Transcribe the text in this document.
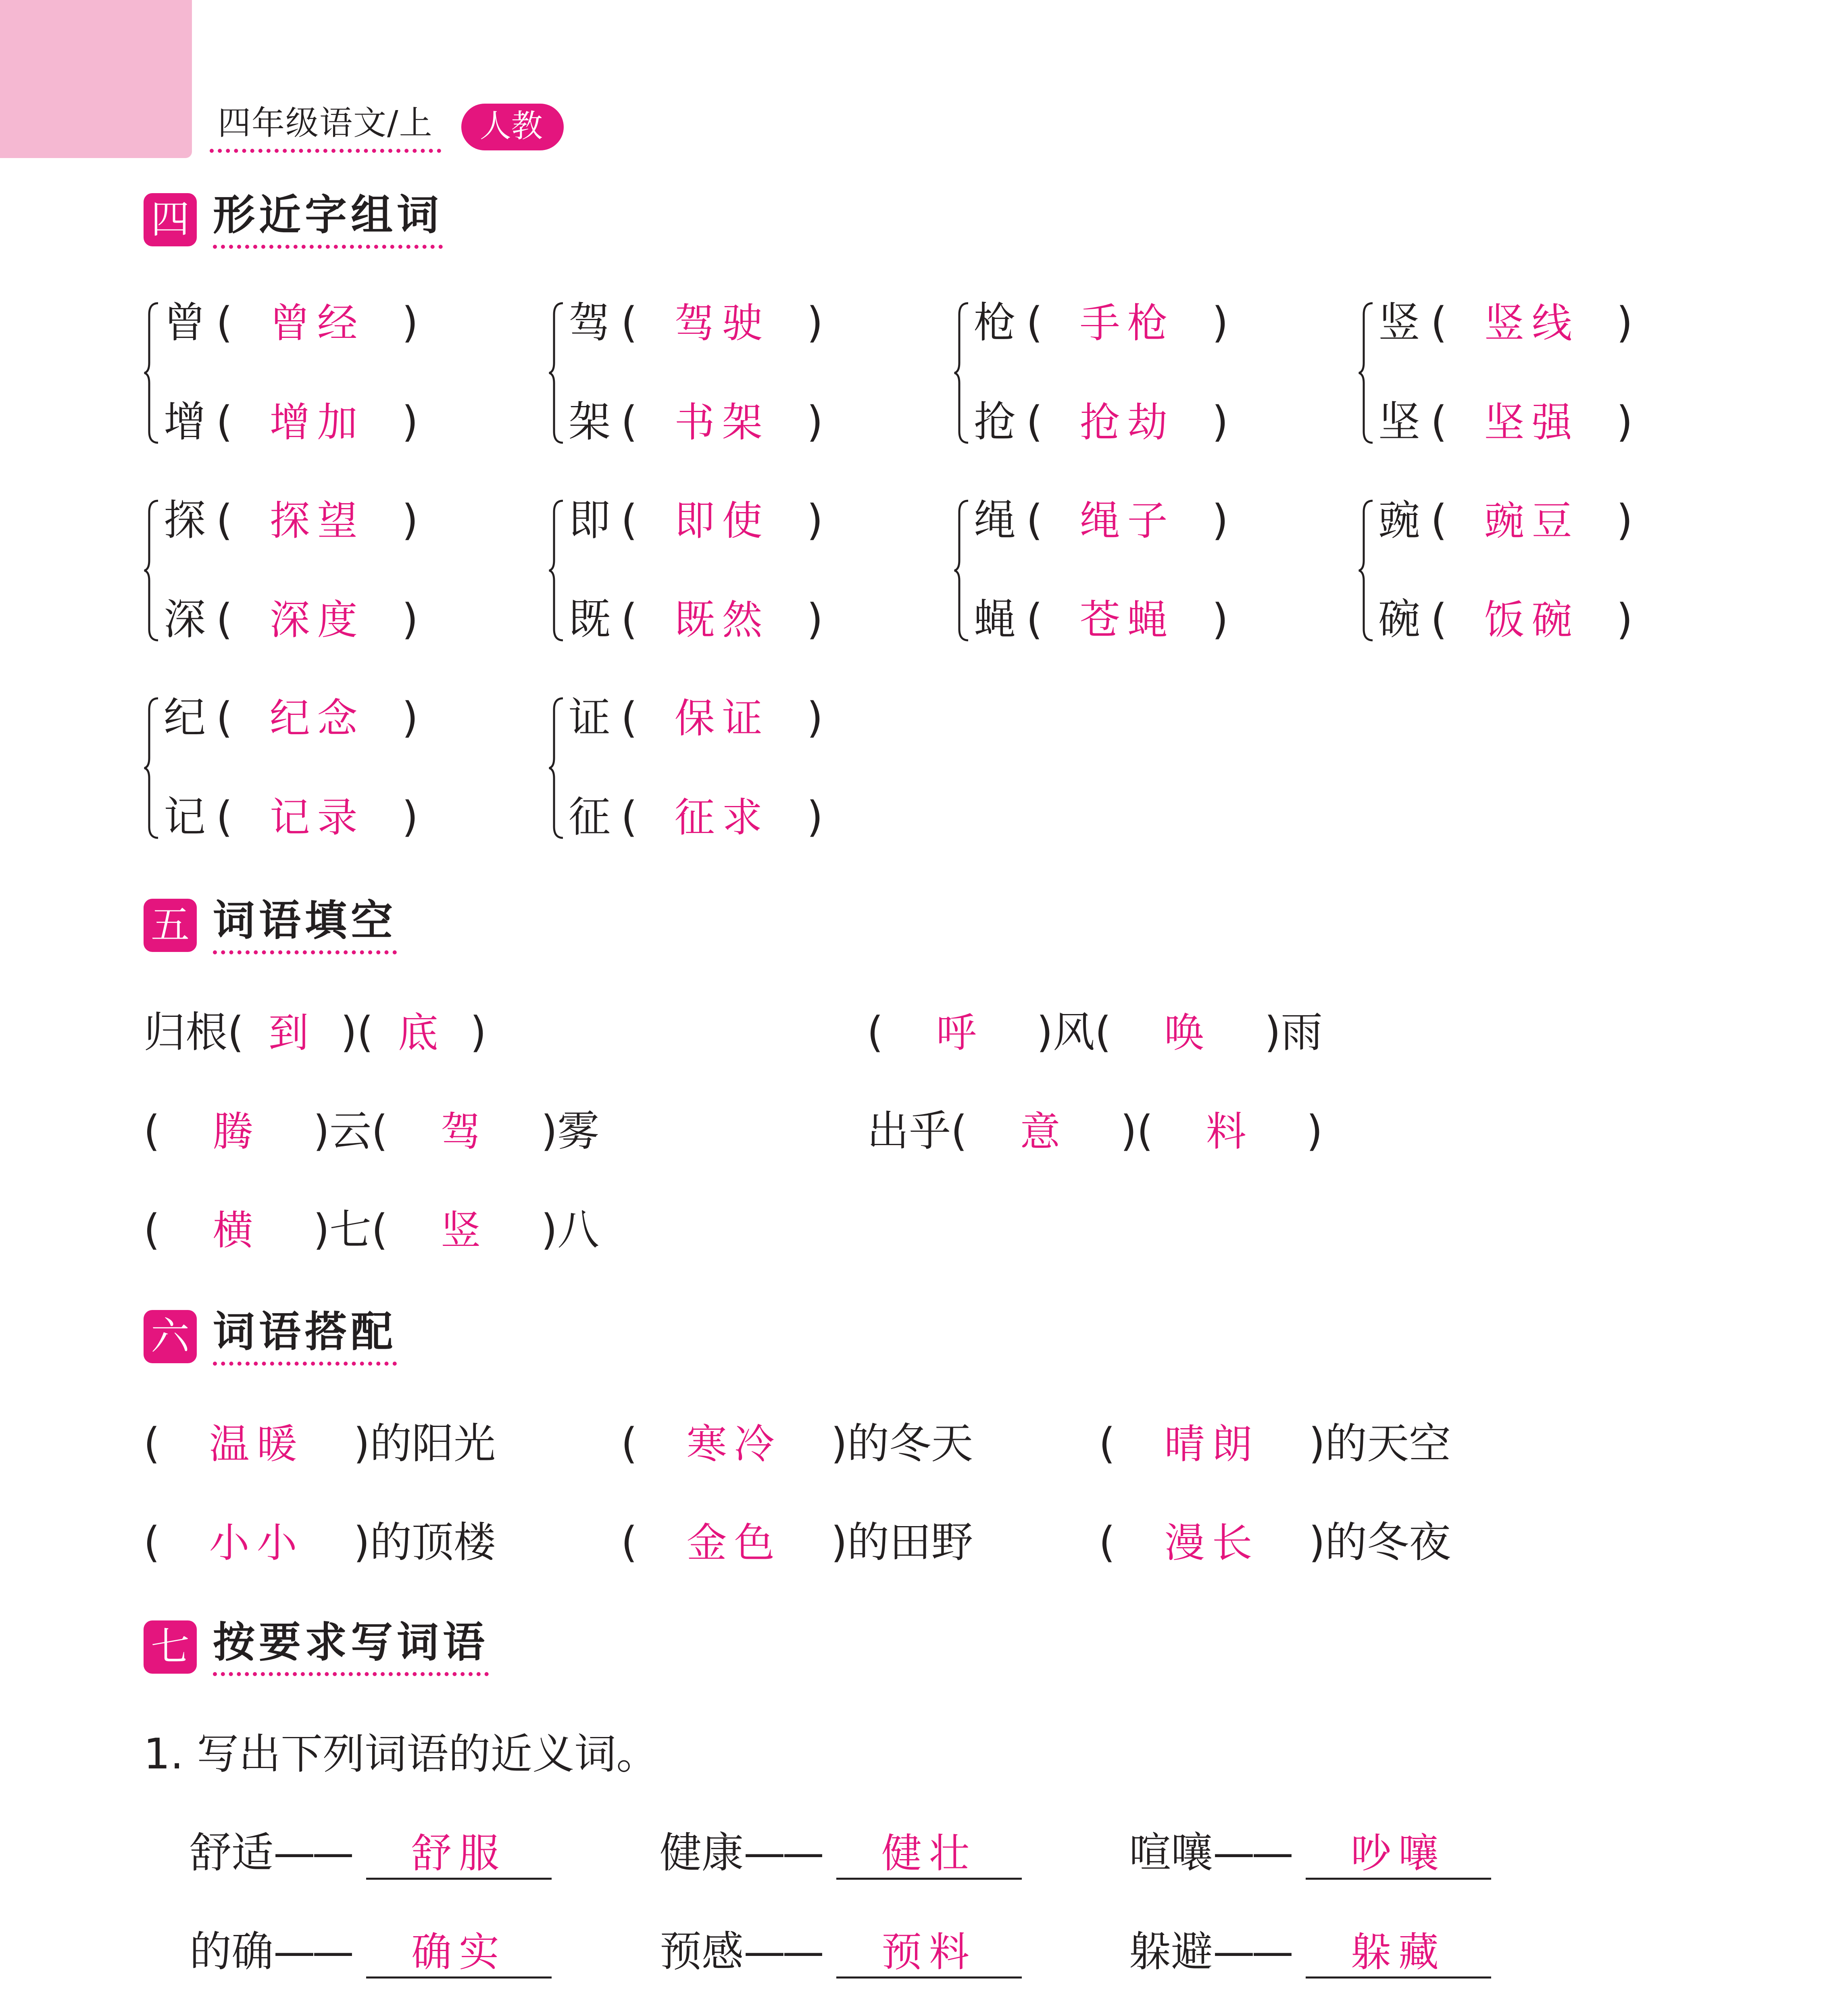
四年级语文/上	人教
四 形近字组词
曾 ( 曾经 )
增 ( 增加 )
驾 ( 驾驶 )
架 ( 书架 )
枪 ( 手枪 )
抢 ( 抢劫 )
竖 ( 竖线 )
坚 ( 坚强 )
探 ( 探望 )
深 ( 深度 )
即 ( 即使 )
既 ( 既然 )
绳 ( 绳子 )
蝇 ( 苍蝇 )
豌 ( 豌豆 )
碗 ( 饭碗 )
纪 ( 纪念 )
记 ( 记录 )
证 ( 保证 )
征 ( 征求 )
五 词语填空
归根( 到 )( 底 )	( 呼 )风( 唤 )雨
( 腾 )云( 驾 )雾	出乎( 意 )( 料 )
( 横 )七( 竖 )八
六 词语搭配
( 温暖 )的阳光	( 寒冷 )的冬天	( 晴朗 )的天空
( 小小 )的顶楼	( 金色 )的田野	( 漫长 )的冬夜
七 按要求写词语
1. 写出下列词语的近义词。
舒适—— 舒服	健康—— 健壮	喧嚷—— 吵嚷
的确—— 确实	预感—— 预料	躲避—— 躲藏
